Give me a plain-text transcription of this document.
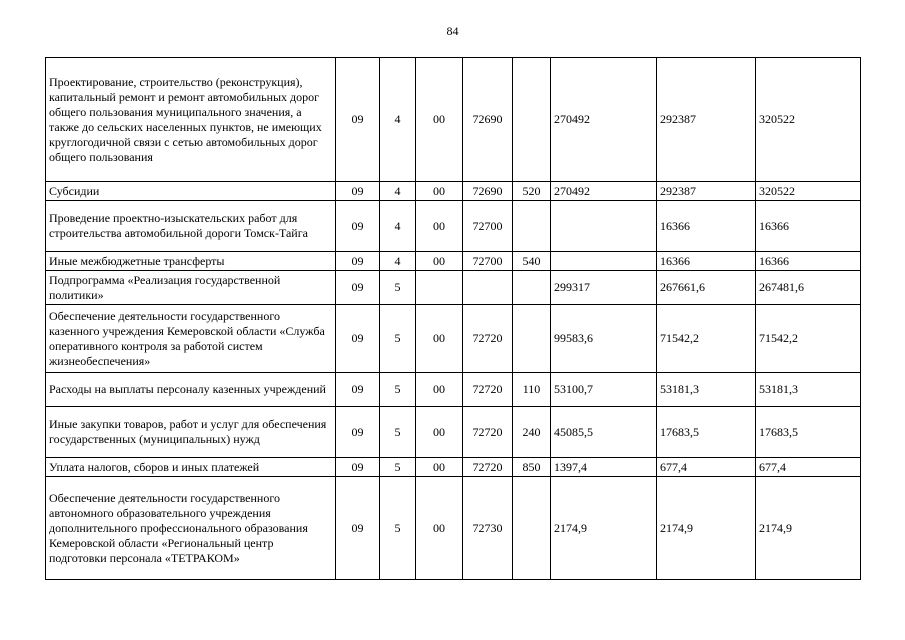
84
Проектирование, строительство (реконструкция), капитальный ремонт и ремонт автомобильных дорог общего пользования муниципального значения, а также до сельских населенных пунктов, не имеющих круглогодичной связи с сетью автомобильных дорог общего пользования	09	4	00	72690		270492	292387	320522
Субсидии	09	4	00	72690	520	270492	292387	320522
Проведение проектно-изыскательских работ для строительства автомобильной дороги Томск-Тайга	09	4	00	72700			16366	16366
Иные межбюджетные трансферты	09	4	00	72700	540		16366	16366
Подпрограмма «Реализация государственной политики»	09	5				299317	267661,6	267481,6
Обеспечение деятельности государственного казенного учреждения Кемеровской области «Служба оперативного контроля за работой систем жизнеобеспечения»	09	5	00	72720		99583,6	71542,2	71542,2
Расходы на выплаты персоналу казенных учреждений	09	5	00	72720	110	53100,7	53181,3	53181,3
Иные закупки товаров, работ и услуг для обеспечения государственных (муниципальных) нужд	09	5	00	72720	240	45085,5	17683,5	17683,5
Уплата налогов, сборов и иных платежей	09	5	00	72720	850	1397,4	677,4	677,4
Обеспечение деятельности государственного автономного образовательного учреждения дополнительного профессионального образования Кемеровской области «Региональный центр подготовки персонала «ТЕТРАКОМ»	09	5	00	72730		2174,9	2174,9	2174,9
